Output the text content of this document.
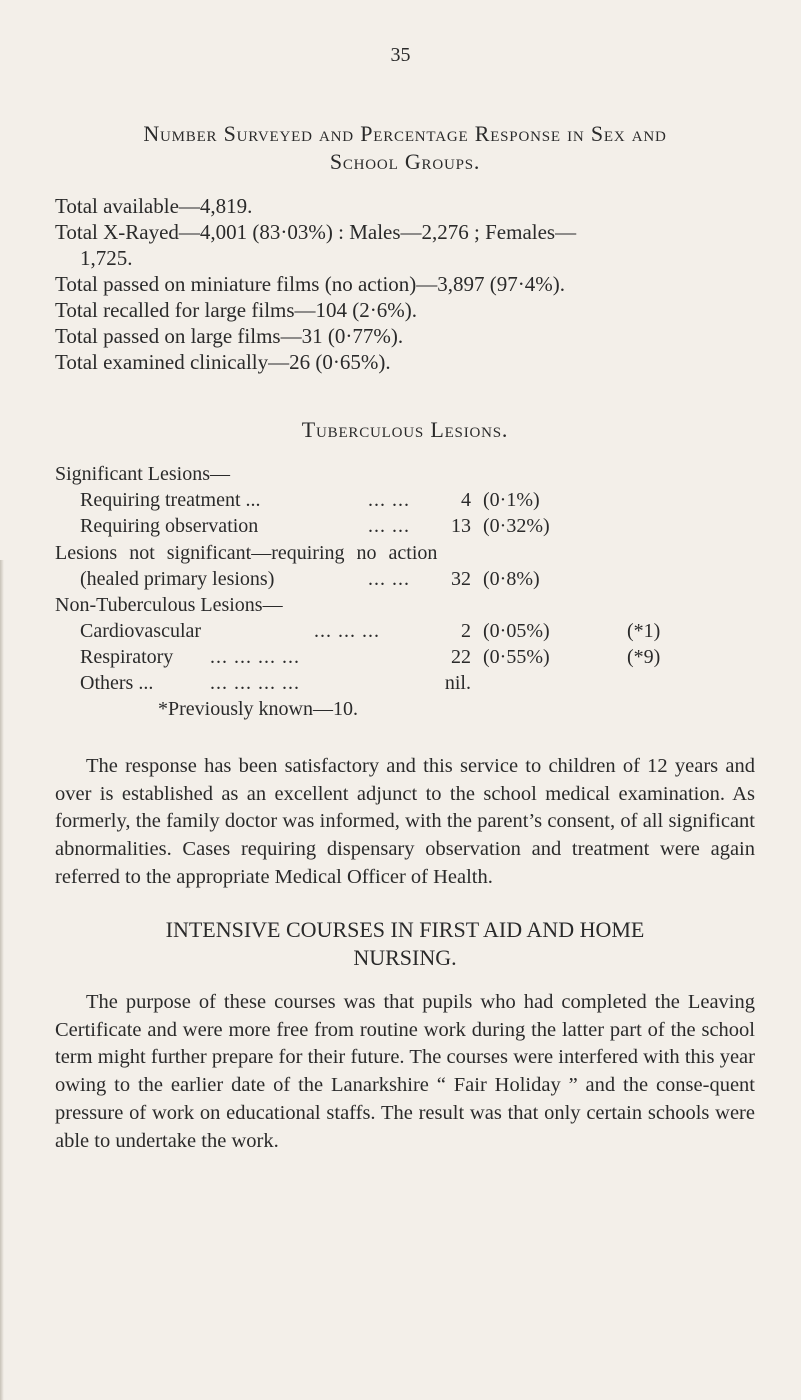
35
Number Surveyed and Percentage Response in Sex and
School Groups.
Total available—4,819.
Total X-Rayed—4,001 (83·03%) : Males—2,276 ; Females—
1,725.
Total passed on miniature films (no action)—3,897 (97·4%).
Total recalled for large films—104 (2·6%).
Total passed on large films—31 (0·77%).
Total examined clinically—26 (0·65%).
Tuberculous Lesions.
Significant Lesions—
Requiring treatment ...	... ...	4 (0·1%)
Requiring observation	... ... 13 (0·32%)
Lesions not significant—requiring no action
(healed primary lesions)	... ... 32 (0·8%)
Non-Tuberculous Lesions—
Cardiovascular	... ... ...	2 (0·05%)	(*1)
Respiratory ... ... ... ...	22 (0·55%)	(*9)
Others ...	... ... ... ...	nil.
*Previously known—10.
The response has been satisfactory and this service to children of 12 years and over is established as an excellent adjunct to the school medical examination. As formerly, the family doctor was informed, with the parent’s consent, of all significant abnormalities. Cases requiring dispensary observation and treatment were again referred to the appropriate Medical Officer of Health.
INTENSIVE COURSES IN FIRST AID AND HOME
NURSING.
The purpose of these courses was that pupils who had completed the Leaving Certificate and were more free from routine work during the latter part of the school term might further prepare for their future. The courses were interfered with this year owing to the earlier date of the Lanarkshire “ Fair Holiday ” and the conse-quent pressure of work on educational staffs. The result was that only certain schools were able to undertake the work.
